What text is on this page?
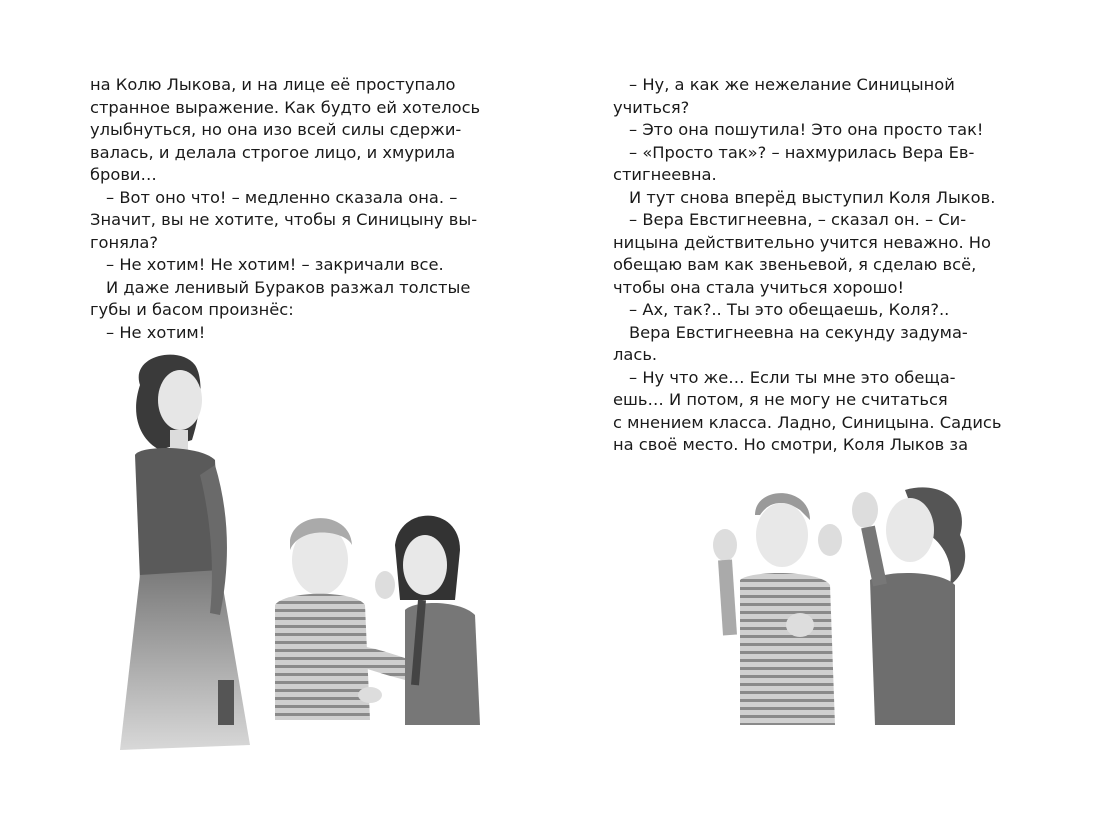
на Колю Лыкова, и на лице её проступало
странное выражение. Как будто ей хотелось
улыбнуться, но она изо всей силы сдержи-
валась, и делала строгое лицо, и хмурила
брови…
– Вот оно что! – медленно сказала она. –
Значит, вы не хотите, чтобы я Синицыну вы-
гоняла?
– Не хотим! Не хотим! – закричали все.
И даже ленивый Бураков разжал толстые
губы и басом произнёс:
– Не хотим!
– Ну, а как же нежелание Синицыной
учиться?
– Это она пошутила! Это она просто так!
– «Просто так»? – нахмурилась Вера Ев-
стигнеевна.
И тут снова вперёд выступил Коля Лыков.
– Вера Евстигнеевна, – сказал он. – Си-
ницына действительно учится неважно. Но
обещаю вам как звеньевой, я сделаю всё,
чтобы она стала учиться хорошо!
– Ах, так?.. Ты это обещаешь, Коля?..
Вера Евстигнеевна на секунду задума-
лась.
– Ну что же… Если ты мне это обеща-
ешь… И потом, я не могу не считаться
с мнением класса. Ладно, Синицына. Садись
на своё место. Но смотри, Коля Лыков за
